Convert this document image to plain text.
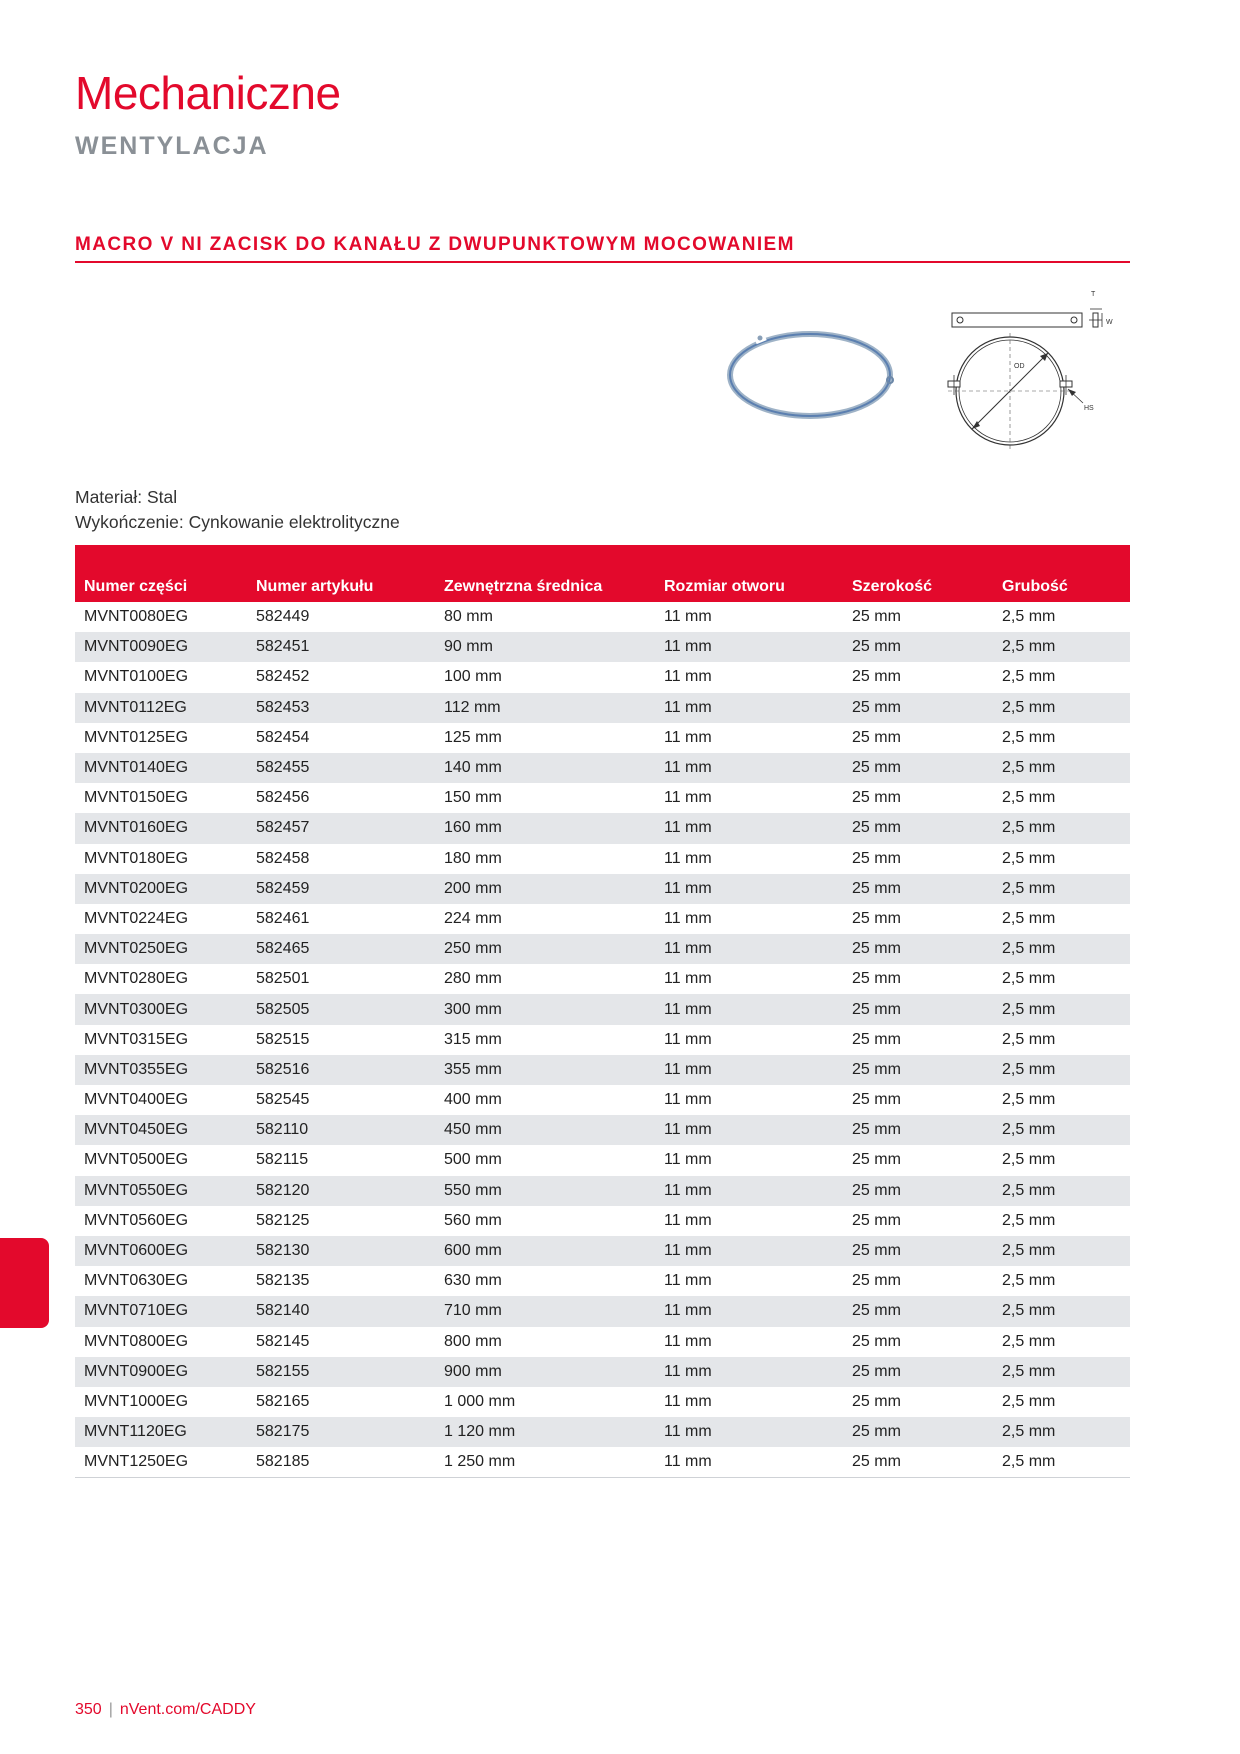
Mechaniczne
WENTYLACJA
MACRO V NI ZACISK DO KANAŁU Z DWUPUNKTOWYM MOCOWANIEM
T
W
OD
HS
Materiał: Stal
Wykończenie: Cynkowanie elektrolityczne
Numer części	Numer artykułu	Zewnętrzna średnica	Rozmiar otworu	Szerokość	Grubość
MVNT0080EG	582449	80 mm	11 mm	25 mm	2,5 mm
MVNT0090EG	582451	90 mm	11 mm	25 mm	2,5 mm
MVNT0100EG	582452	100 mm	11 mm	25 mm	2,5 mm
MVNT0112EG	582453	112 mm	11 mm	25 mm	2,5 mm
MVNT0125EG	582454	125 mm	11 mm	25 mm	2,5 mm
MVNT0140EG	582455	140 mm	11 mm	25 mm	2,5 mm
MVNT0150EG	582456	150 mm	11 mm	25 mm	2,5 mm
MVNT0160EG	582457	160 mm	11 mm	25 mm	2,5 mm
MVNT0180EG	582458	180 mm	11 mm	25 mm	2,5 mm
MVNT0200EG	582459	200 mm	11 mm	25 mm	2,5 mm
MVNT0224EG	582461	224 mm	11 mm	25 mm	2,5 mm
MVNT0250EG	582465	250 mm	11 mm	25 mm	2,5 mm
MVNT0280EG	582501	280 mm	11 mm	25 mm	2,5 mm
MVNT0300EG	582505	300 mm	11 mm	25 mm	2,5 mm
MVNT0315EG	582515	315 mm	11 mm	25 mm	2,5 mm
MVNT0355EG	582516	355 mm	11 mm	25 mm	2,5 mm
MVNT0400EG	582545	400 mm	11 mm	25 mm	2,5 mm
MVNT0450EG	582110	450 mm	11 mm	25 mm	2,5 mm
MVNT0500EG	582115	500 mm	11 mm	25 mm	2,5 mm
MVNT0550EG	582120	550 mm	11 mm	25 mm	2,5 mm
MVNT0560EG	582125	560 mm	11 mm	25 mm	2,5 mm
MVNT0600EG	582130	600 mm	11 mm	25 mm	2,5 mm
MVNT0630EG	582135	630 mm	11 mm	25 mm	2,5 mm
MVNT0710EG	582140	710 mm	11 mm	25 mm	2,5 mm
MVNT0800EG	582145	800 mm	11 mm	25 mm	2,5 mm
MVNT0900EG	582155	900 mm	11 mm	25 mm	2,5 mm
MVNT1000EG	582165	1 000 mm	11 mm	25 mm	2,5 mm
MVNT1120EG	582175	1 120 mm	11 mm	25 mm	2,5 mm
MVNT1250EG	582185	1 250 mm	11 mm	25 mm	2,5 mm
350 | nVent.com/CADDY
